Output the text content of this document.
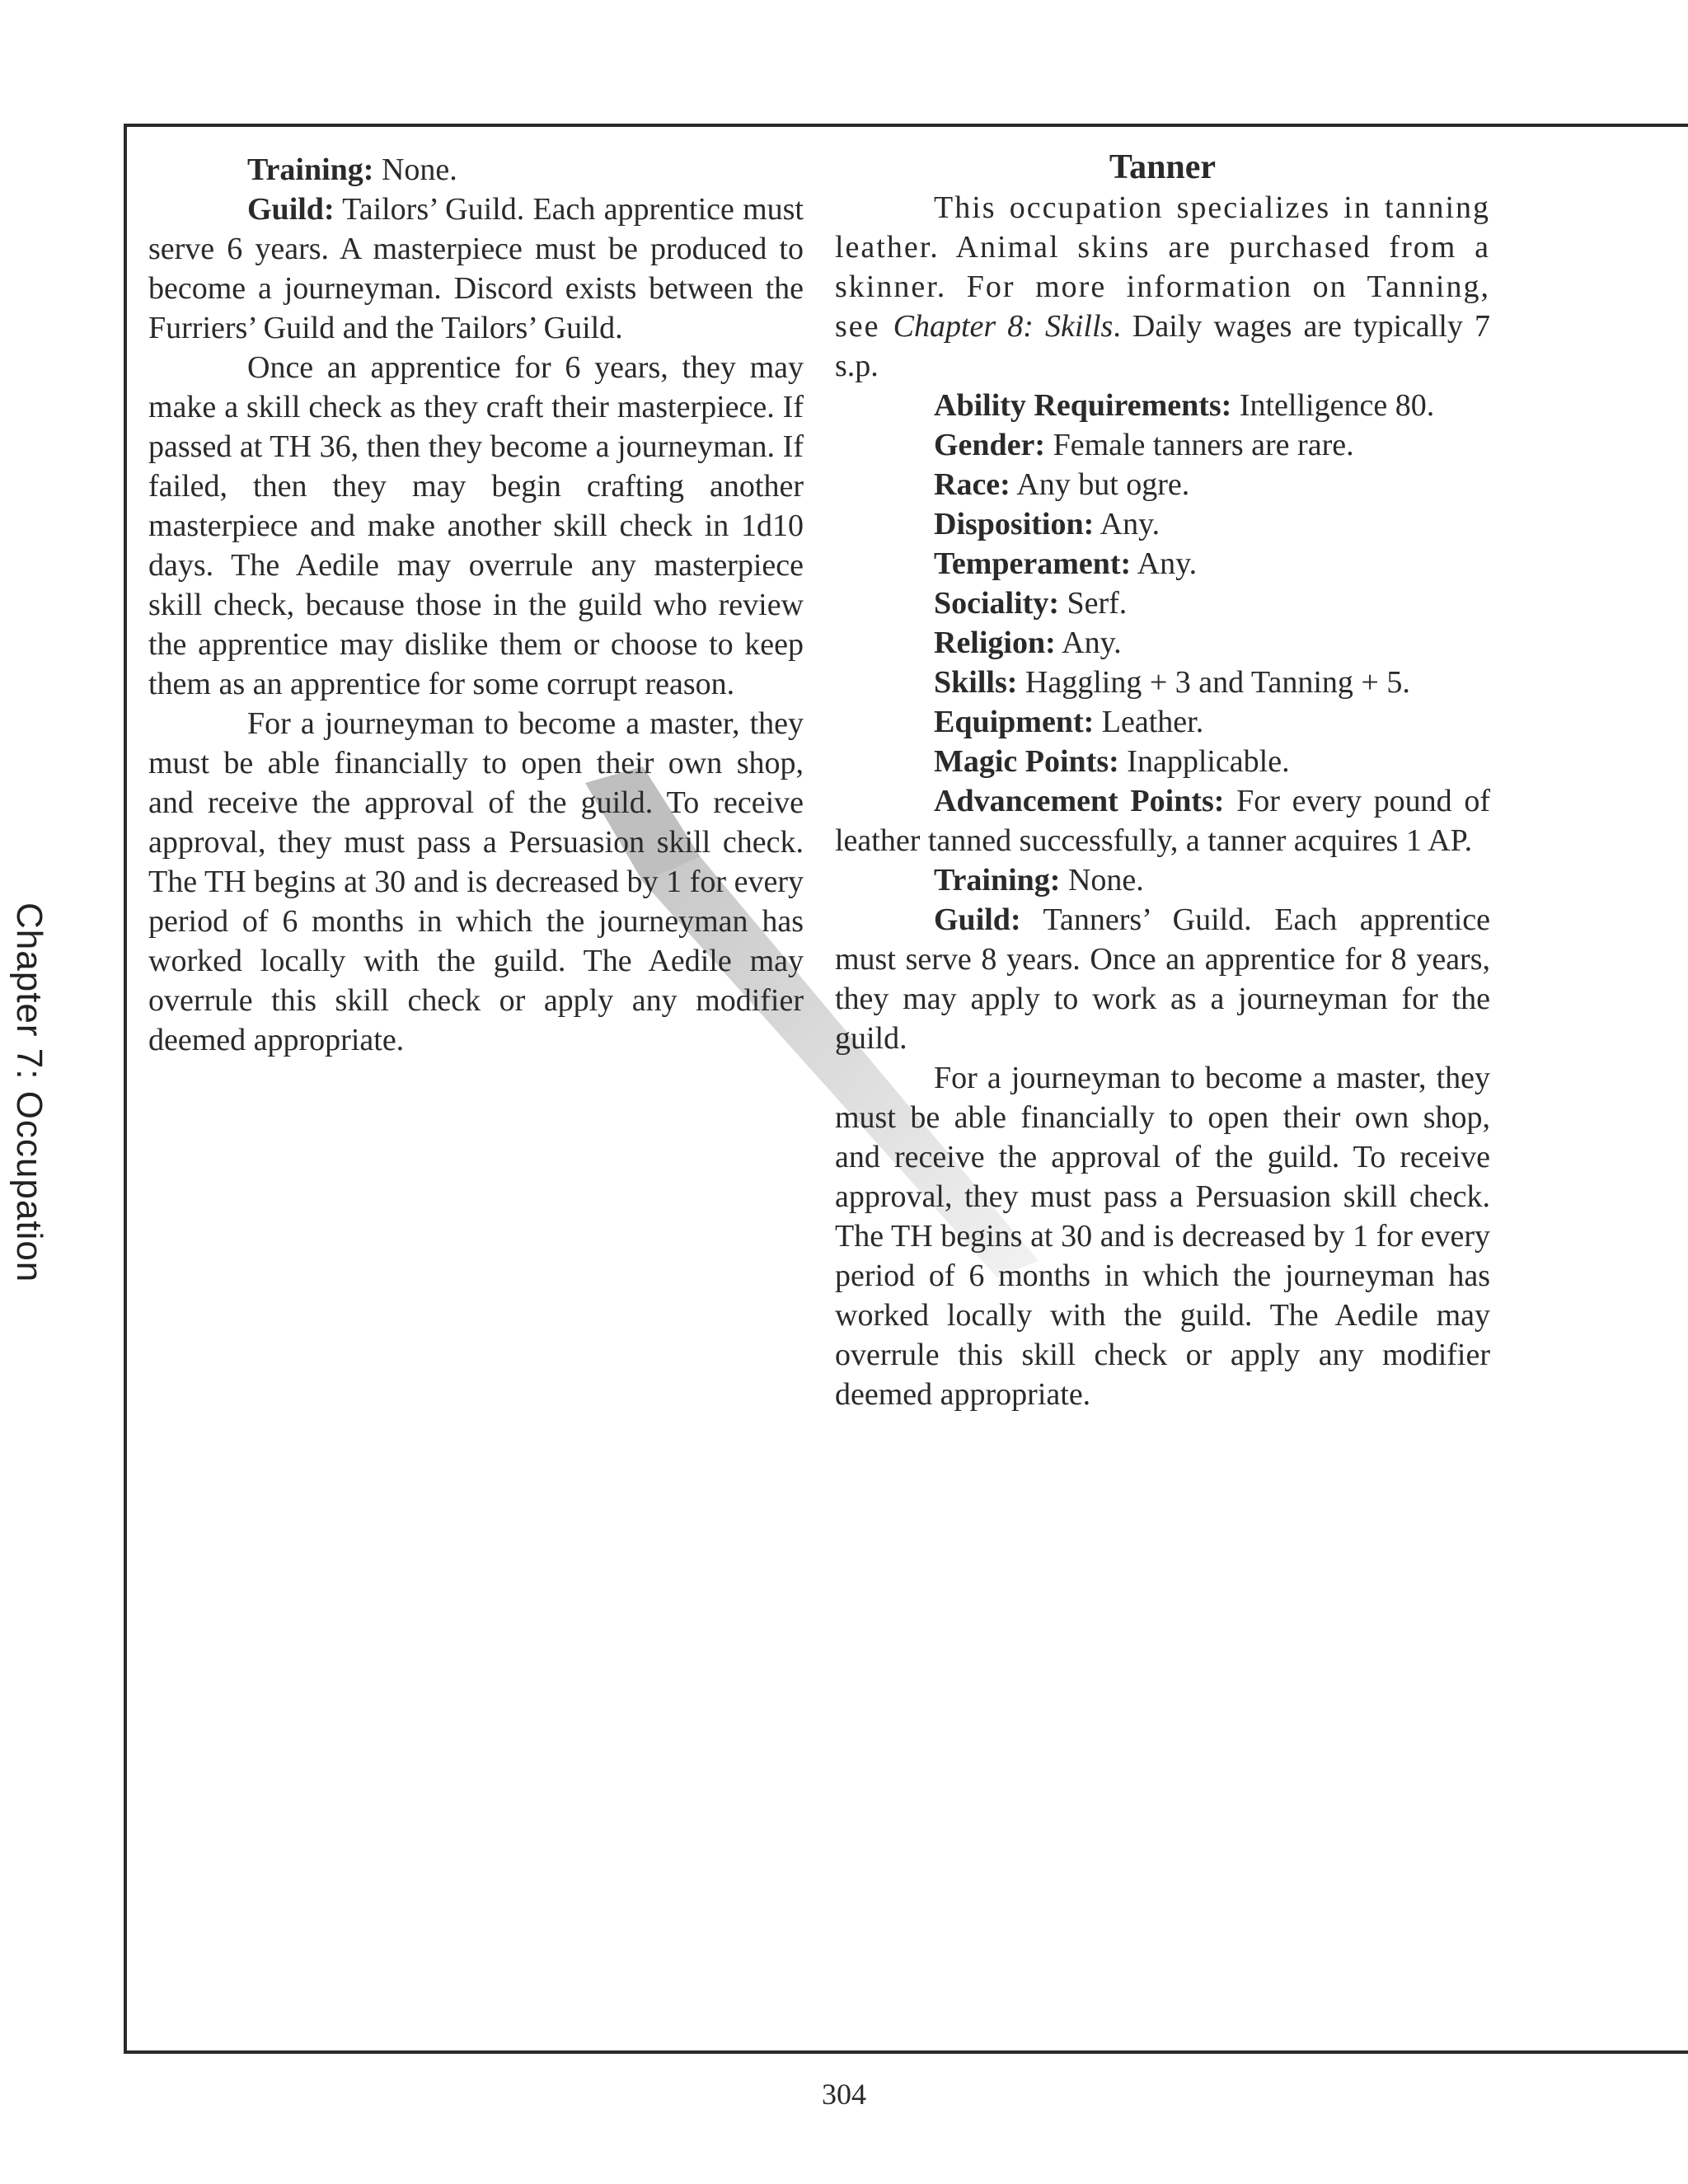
Chapter 7: Occupation

Training: None.

Guild: Tailors’ Guild. Each apprentice must serve 6 years. A masterpiece must be produced to become a journeyman. Discord exists between the Furriers’ Guild and the Tailors’ Guild.

Once an apprentice for 6 years, they may make a skill check as they craft their masterpiece. If passed at TH 36, then they become a journeyman. If failed, then they may begin crafting another masterpiece and make another skill check in 1d10 days. The Aedile may overrule any masterpiece skill check, because those in the guild who review the apprentice may dislike them or choose to keep them as an apprentice for some corrupt reason.

For a journeyman to become a master, they must be able financially to open their own shop, and receive the approval of the guild. To receive approval, they must pass a Persuasion skill check. The TH begins at 30 and is decreased by 1 for every period of 6 months in which the journeyman has worked locally with the guild. The Aedile may overrule this skill check or apply any modifier deemed appropriate.

Tanner

This occupation specializes in tanning leather. Animal skins are purchased from a skinner. For more information on Tanning, see Chapter 8: Skills. Daily wages are typically 7 s.p.

Ability Requirements: Intelligence 80.

Gender: Female tanners are rare.

Race: Any but ogre.

Disposition: Any.

Temperament: Any.

Sociality: Serf.

Religion: Any.

Skills: Haggling + 3 and Tanning + 5.

Equipment: Leather.

Magic Points: Inapplicable.

Advancement Points: For every pound of leather tanned successfully, a tanner acquires 1 AP.

Training: None.

Guild: Tanners’ Guild. Each apprentice must serve 8 years. Once an apprentice for 8 years, they may apply to work as a journeyman for the guild.

For a journeyman to become a master, they must be able financially to open their own shop, and receive the approval of the guild. To receive approval, they must pass a Persuasion skill check. The TH begins at 30 and is decreased by 1 for every period of 6 months in which the journeyman has worked locally with the guild. The Aedile may overrule this skill check or apply any modifier deemed appropriate.

304
